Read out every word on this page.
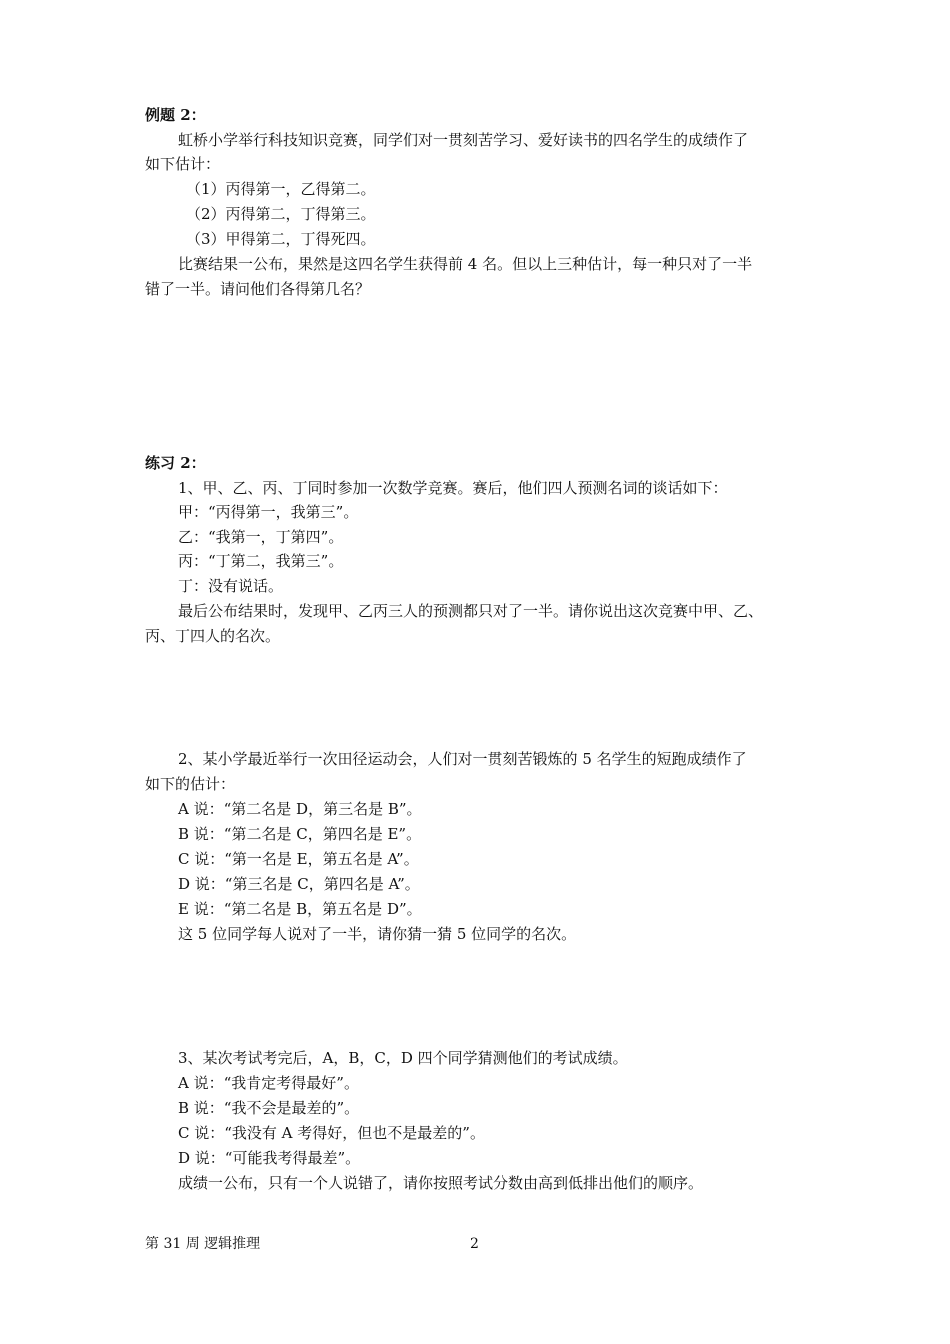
例题 2：
虹桥小学举行科技知识竞赛，同学们对一贯刻苦学习、爱好读书的四名学生的成绩作了
如下估计：
（1）丙得第一，乙得第二。
（2）丙得第二，丁得第三。
（3）甲得第二，丁得死四。
比赛结果一公布，果然是这四名学生获得前 4 名。但以上三种估计，每一种只对了一半
错了一半。请问他们各得第几名？
练习 2：
1、甲、乙、丙、丁同时参加一次数学竞赛。赛后，他们四人预测名词的谈话如下：
甲：“丙得第一，我第三”。
乙：“我第一，丁第四”。
丙：“丁第二，我第三”。
丁：没有说话。
最后公布结果时，发现甲、乙丙三人的预测都只对了一半。请你说出这次竞赛中甲、乙、
丙、丁四人的名次。
2、某小学最近举行一次田径运动会，人们对一贯刻苦锻炼的 5 名学生的短跑成绩作了
如下的估计：
A 说：“第二名是 D，第三名是 B”。
B 说：“第二名是 C，第四名是 E”。
C 说：“第一名是 E，第五名是 A”。
D 说：“第三名是 C，第四名是 A”。
E 说：“第二名是 B，第五名是 D”。
这 5 位同学每人说对了一半，请你猜一猜 5 位同学的名次。
3、某次考试考完后，A，B，C，D 四个同学猜测他们的考试成绩。
A 说：“我肯定考得最好”。
B 说：“我不会是最差的”。
C 说：“我没有 A 考得好，但也不是最差的”。
D 说：“可能我考得最差”。
成绩一公布，只有一个人说错了，请你按照考试分数由高到低排出他们的顺序。
第 31 周 逻辑推理	2
